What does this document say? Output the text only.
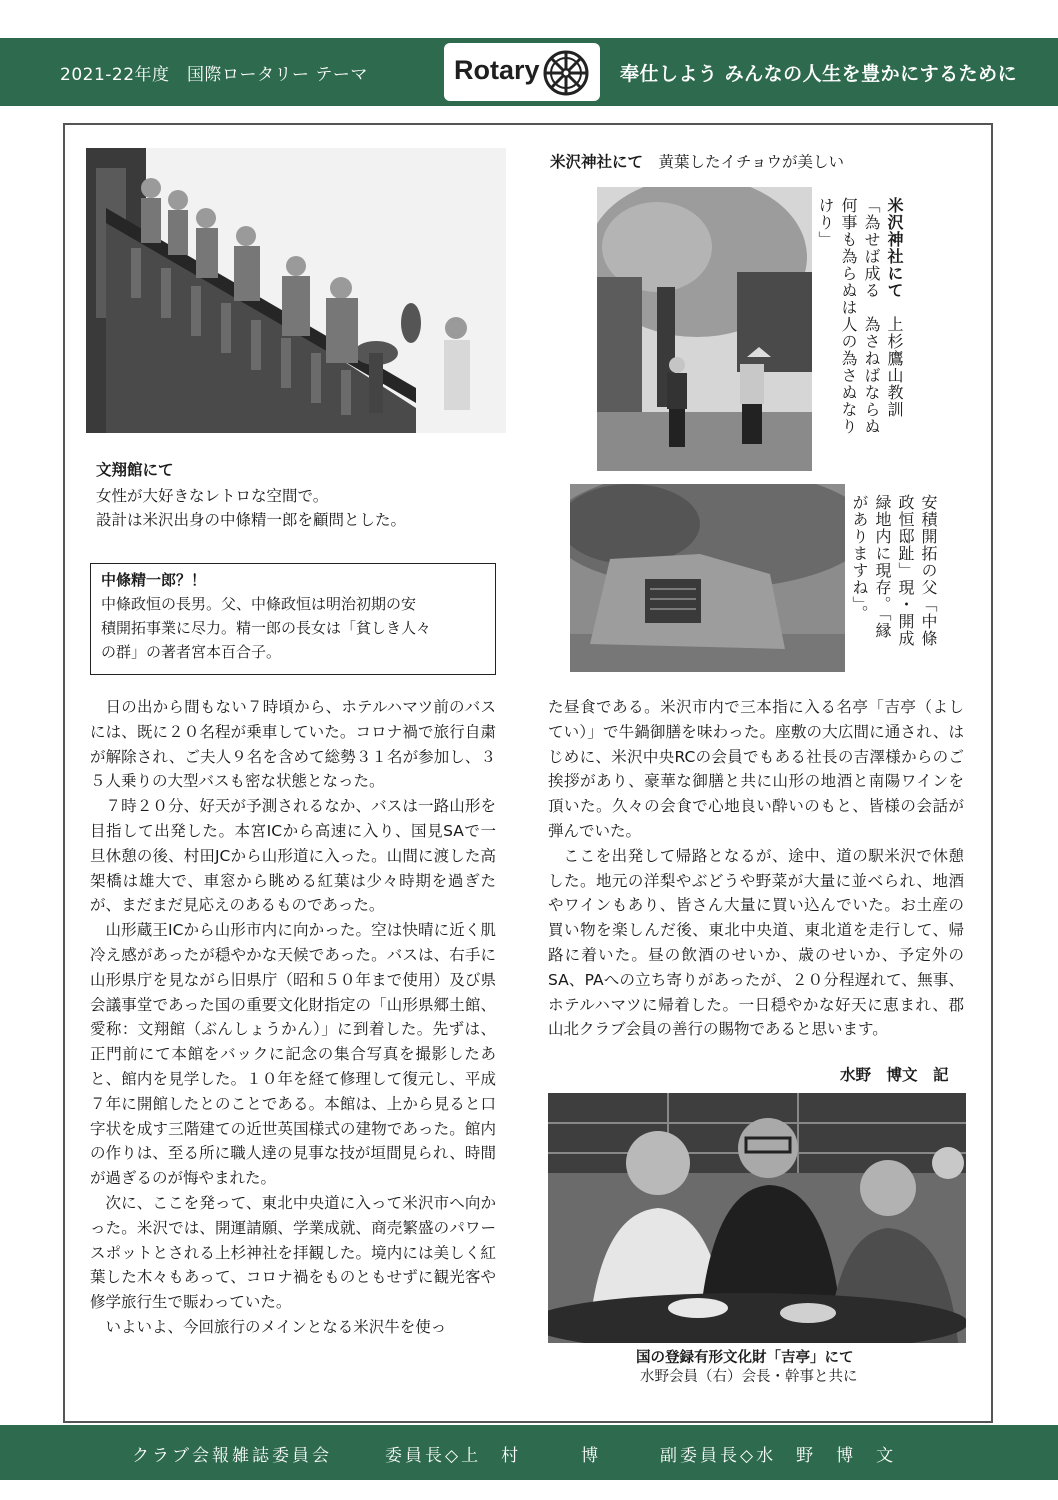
2021-22年度　国際ロータリー テーマ	Rotary	奉仕しよう みんなの人生を豊かにするために
文翔館にて
女性が大好きなレトロな空間で。
設計は米沢出身の中條精一郎を顧問とした。
中條精一郎？！
中條政恒の長男。父、中條政恒は明治初期の安
積開拓事業に尽力。精一郎の長女は「貧しき人々
の群」の著者宮本百合子。
米沢神社にて　黄葉したイチョウが美しい
米沢神社にて　上杉鷹山教訓
「為せば成る　為さねばならぬ
何事も為らぬは人の為さぬなり
けり」
安積開拓の父「中條
政恒邸趾」現・開成
緑地内に現存。「縁
がありますね」。

日の出から間もない７時頃から、ホテルハマツ前のバスには、既に２０名程が乗車していた。コロナ禍で旅行自粛が解除され、ご夫人９名を含めて総勢３１名が参加し、３５人乗りの大型バスも密な状態となった。

７時２０分、好天が予測されるなか、バスは一路山形を目指して出発した。本宮ICから高速に入り、国見SAで一旦休憩の後、村田JCから山形道に入った。山間に渡した高架橋は雄大で、車窓から眺める紅葉は少々時期を過ぎたが、まだまだ見応えのあるものであった。

山形蔵王ICから山形市内に向かった。空は快晴に近く肌冷え感があったが穏やかな天候であった。バスは、右手に山形県庁を見ながら旧県庁（昭和５０年まで使用）及び県会議事堂であった国の重要文化財指定の「山形県郷土館、愛称：文翔館（ぶんしょうかん）」に到着した。先ずは、正門前にて本館をバックに記念の集合写真を撮影したあと、館内を見学した。１０年を経て修理して復元し、平成７年に開館したとのことである。本館は、上から見ると口字状を成す三階建ての近世英国様式の建物であった。館内の作りは、至る所に職人達の見事な技が垣間見られ、時間が過ぎるのが悔やまれた。

次に、ここを発って、東北中央道に入って米沢市へ向かった。米沢では、開運請願、学業成就、商売繁盛のパワースポットとされる上杉神社を拝観した。境内には美しく紅葉した木々もあって、コロナ禍をものともせずに観光客や修学旅行生で賑わっていた。

いよいよ、今回旅行のメインとなる米沢牛を使っ

た昼食である。米沢市内で三本指に入る名亭「吉亭（よしてい）」で牛鍋御膳を味わった。座敷の大広間に通され、はじめに、米沢中央RCの会員でもある社長の吉澤様からのご挨拶があり、豪華な御膳と共に山形の地酒と南陽ワインを頂いた。久々の会食で心地良い酔いのもと、皆様の会話が弾んでいた。

ここを出発して帰路となるが、途中、道の駅米沢で休憩した。地元の洋梨やぶどうや野菜が大量に並べられ、地酒やワインもあり、皆さん大量に買い込んでいた。お土産の買い物を楽しんだ後、東北中央道、東北道を走行して、帰路に着いた。昼の飲酒のせいか、歳のせいか、予定外のSA、PAへの立ち寄りがあったが、２０分程遅れて、無事、ホテルハマツに帰着した。一日穏やかな好天に恵まれ、郡山北クラブ会員の善行の賜物であると思います。

水野　博文　記
国の登録有形文化財「吉亭」にて
水野会員（右）会長・幹事と共に
クラブ会報雑誌委員会	委員長◇上　村　　　博	副委員長◇水　野　博　文
